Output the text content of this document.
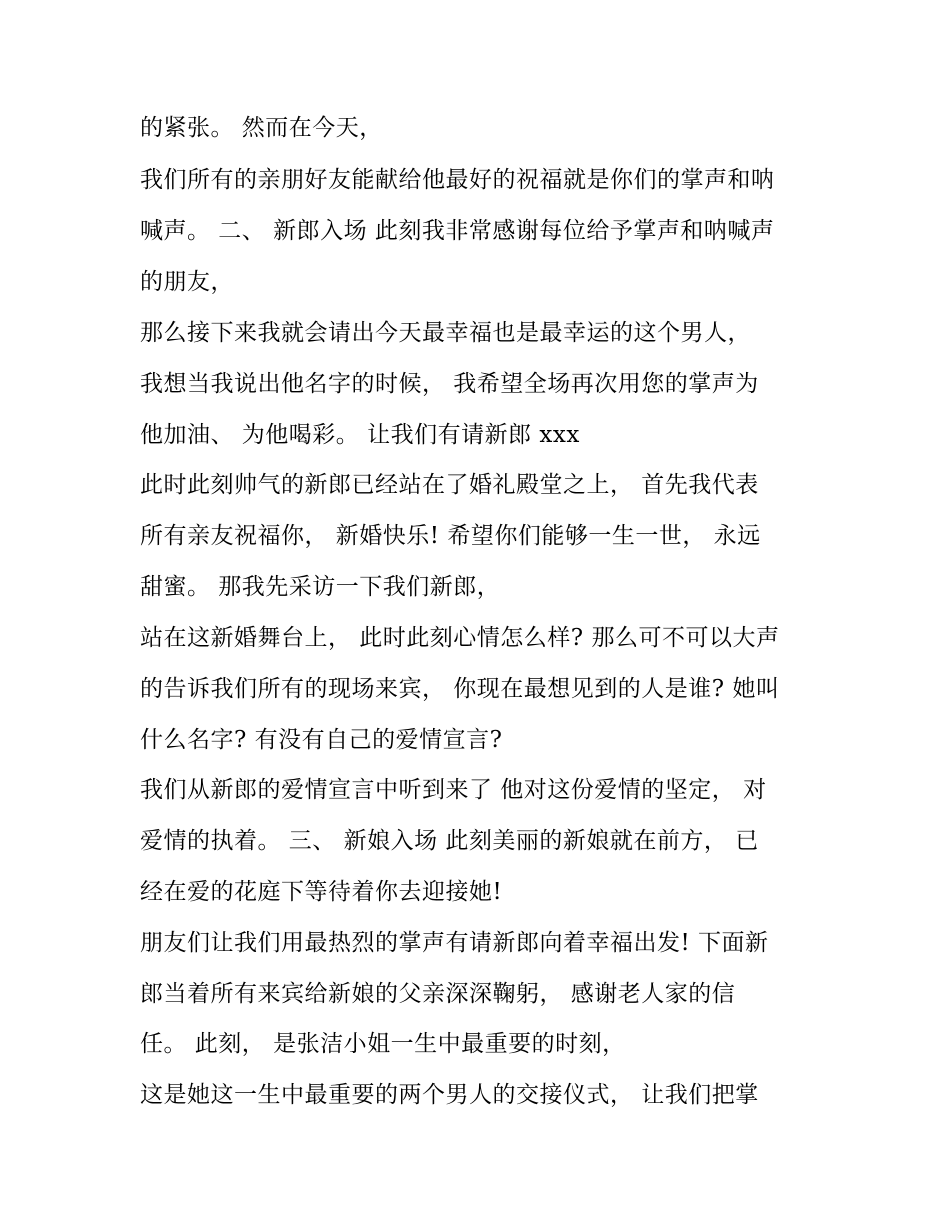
的紧张。 然而在今天，
我们所有的亲朋好友能献给他最好的祝福就是你们的掌声和呐
喊声。 二、 新郎入场 此刻我非常感谢每位给予掌声和呐喊声
的朋友，
那么接下来我就会请出今天最幸福也是最幸运的这个男人，
我想当我说出他名字的时候， 我希望全场再次用您的掌声为
他加油、 为他喝彩。 让我们有请新郎 xxx
此时此刻帅气的新郎已经站在了婚礼殿堂之上， 首先我代表
所有亲友祝福你， 新婚快乐! 希望你们能够一生一世， 永远
甜蜜。 那我先采访一下我们新郎，
站在这新婚舞台上， 此时此刻心情怎么样? 那么可不可以大声
的告诉我们所有的现场来宾， 你现在最想见到的人是谁? 她叫
什么名字? 有没有自己的爱情宣言?
我们从新郎的爱情宣言中听到来了 他对这份爱情的坚定， 对
爱情的执着。 三、 新娘入场 此刻美丽的新娘就在前方， 已
经在爱的花庭下等待着你去迎接她!
朋友们让我们用最热烈的掌声有请新郎向着幸福出发! 下面新
郎当着所有来宾给新娘的父亲深深鞠躬， 感谢老人家的信
任。 此刻， 是张洁小姐一生中最重要的时刻，
这是她这一生中最重要的两个男人的交接仪式， 让我们把掌
